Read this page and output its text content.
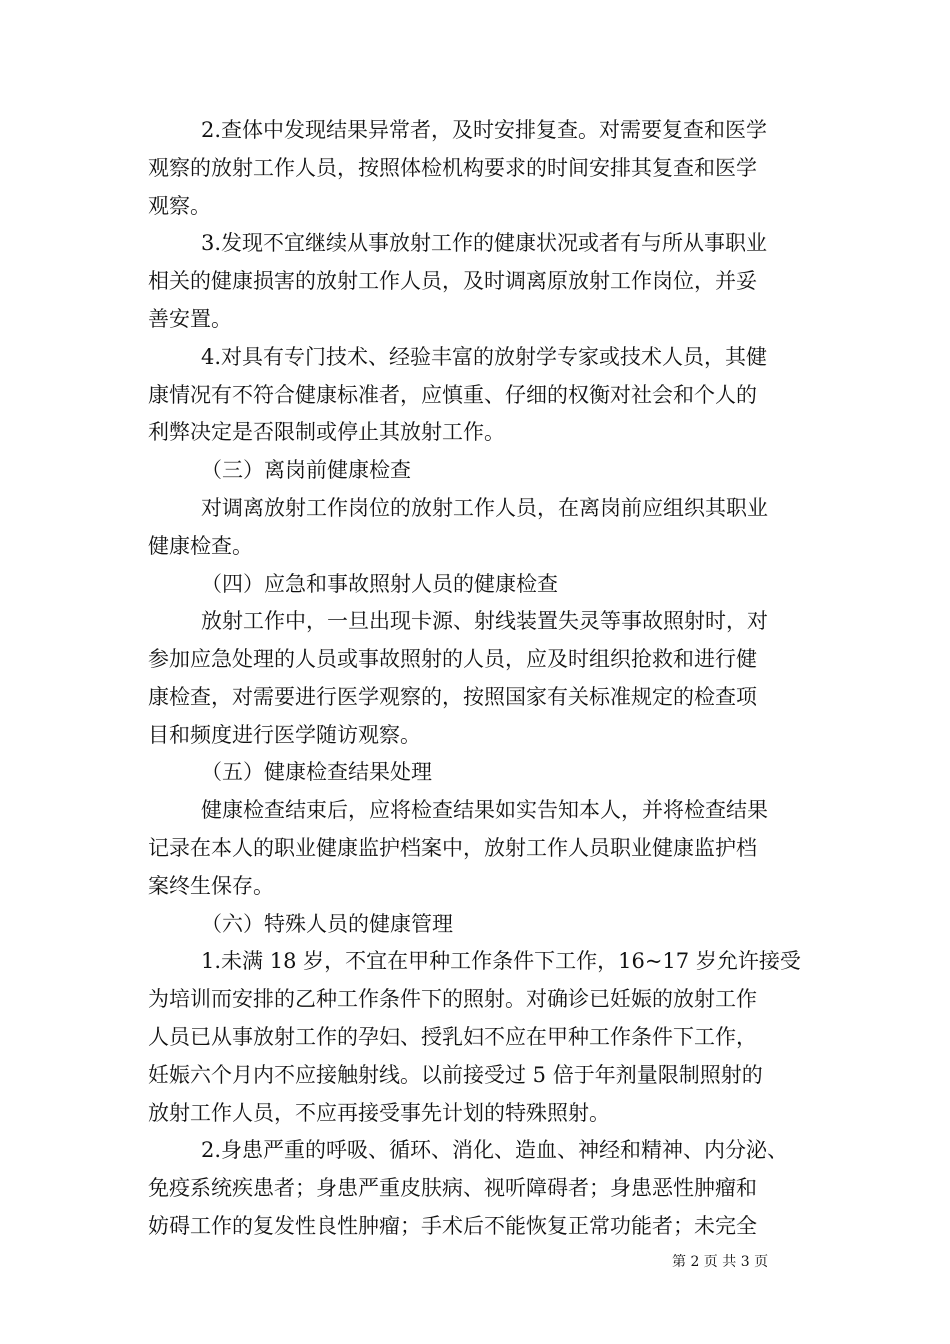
2.查体中发现结果异常者，及时安排复查。对需要复查和医学
观察的放射工作人员，按照体检机构要求的时间安排其复查和医学
观察。
3.发现不宜继续从事放射工作的健康状况或者有与所从事职业
相关的健康损害的放射工作人员，及时调离原放射工作岗位，并妥
善安置。
4.对具有专门技术、经验丰富的放射学专家或技术人员，其健
康情况有不符合健康标准者，应慎重、仔细的权衡对社会和个人的
利弊决定是否限制或停止其放射工作。
（三）离岗前健康检查
对调离放射工作岗位的放射工作人员，在离岗前应组织其职业
健康检查。
（四）应急和事故照射人员的健康检查
放射工作中，一旦出现卡源、射线装置失灵等事故照射时，对
参加应急处理的人员或事故照射的人员，应及时组织抢救和进行健
康检查，对需要进行医学观察的，按照国家有关标准规定的检查项
目和频度进行医学随访观察。
（五）健康检查结果处理
健康检查结束后，应将检查结果如实告知本人，并将检查结果
记录在本人的职业健康监护档案中，放射工作人员职业健康监护档
案终生保存。
（六）特殊人员的健康管理
1.未满 18 岁，不宜在甲种工作条件下工作，16~17 岁允许接受
为培训而安排的乙种工作条件下的照射。对确诊已妊娠的放射工作
人员已从事放射工作的孕妇、授乳妇不应在甲种工作条件下工作，
妊娠六个月内不应接触射线。以前接受过 5 倍于年剂量限制照射的
放射工作人员，不应再接受事先计划的特殊照射。
2.身患严重的呼吸、循环、消化、造血、神经和精神、内分泌、
免疫系统疾患者；身患严重皮肤病、视听障碍者；身患恶性肿瘤和
妨碍工作的复发性良性肿瘤；手术后不能恢复正常功能者；未完全
第 2 页 共 3 页
